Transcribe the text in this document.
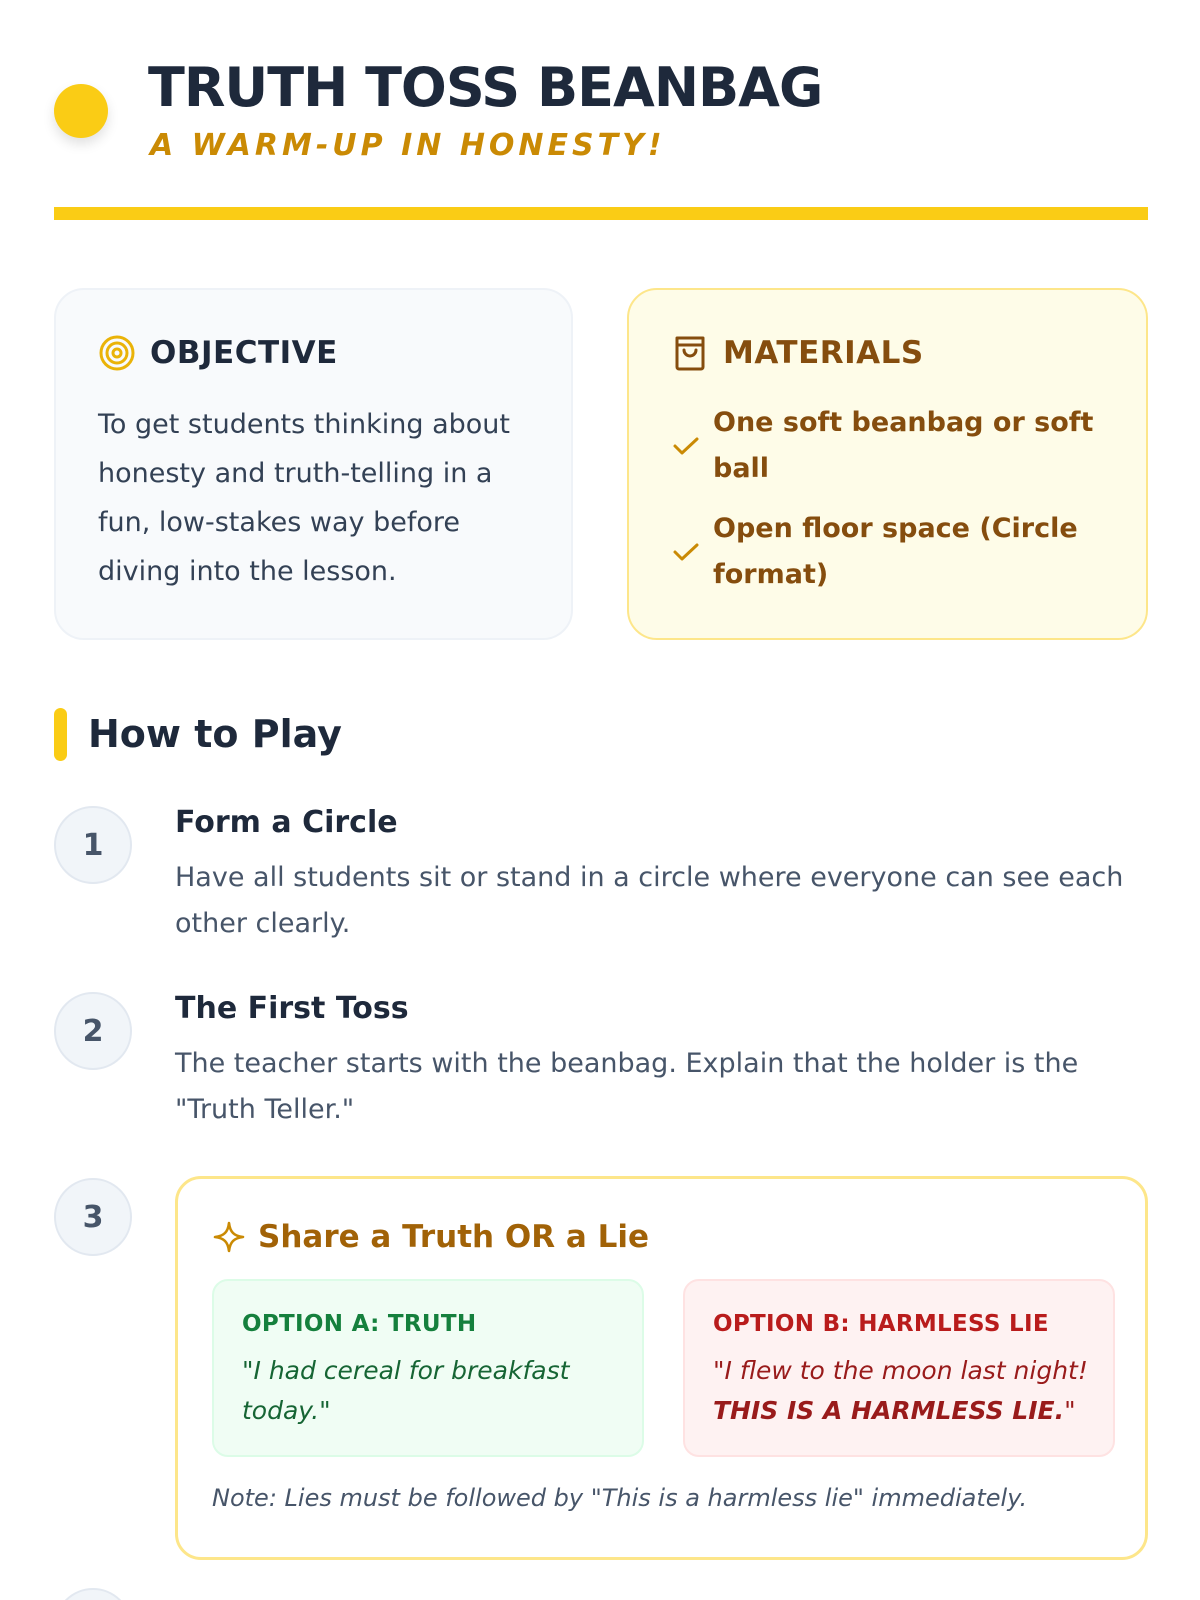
TRUTH TOSS BEANBAG
A WARM-UP IN HONESTY!
OBJECTIVE

To get students thinking about honesty and truth-telling in a fun, low-stakes way before diving into the lesson.

MATERIALS
One soft beanbag or soft ball
Open floor space (Circle format)
How to Play
1
Form a Circle

Have all students sit or stand in a circle where everyone can see each other clearly.

2
The First Toss

The teacher starts with the beanbag. Explain that the holder is the "Truth Teller."

3
Share a Truth OR a Lie
OPTION A: TRUTH
"I had cereal for breakfast today."
OPTION B: HARMLESS LIE
"I flew to the moon last night! THIS IS A HARMLESS LIE."
Note: Lies must be followed by "This is a harmless lie" immediately.
